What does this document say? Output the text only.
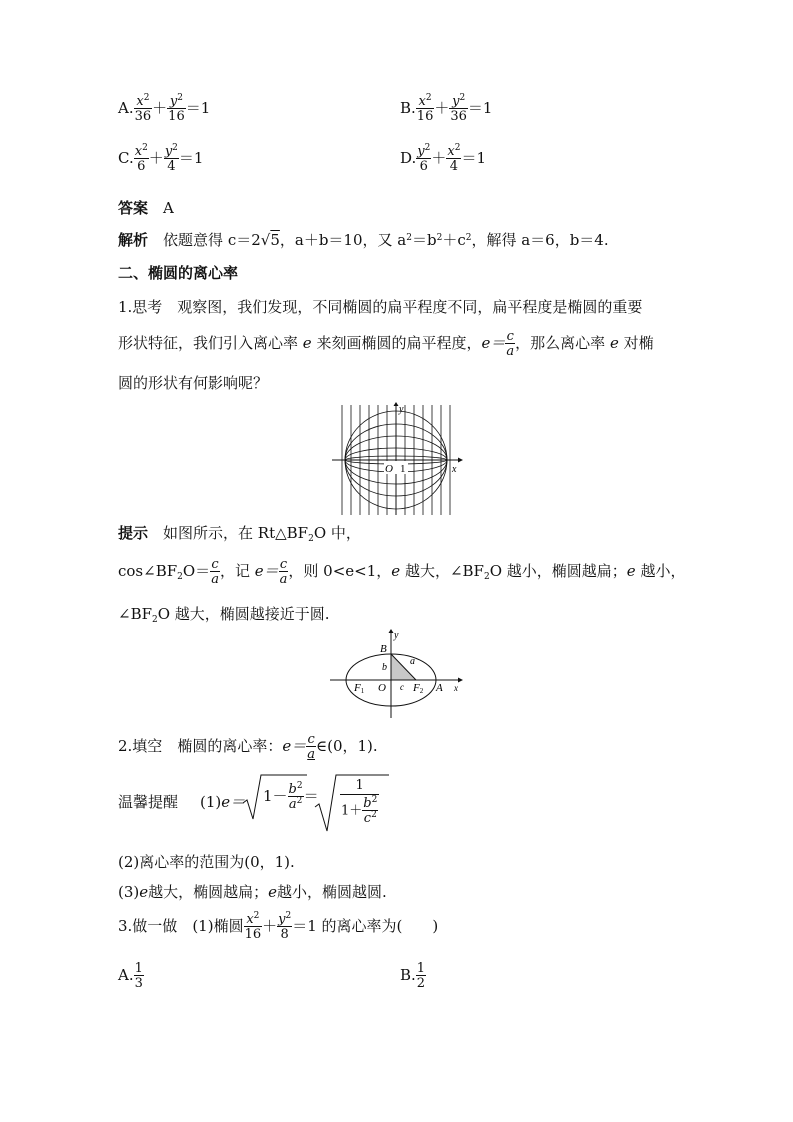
A. $\frac{x^2}{36} + \frac{y^2}{16} =1$	B. $\frac{x^2}{16} + \frac{y^2}{36} =1$
C. $\frac{x^2}{6} + \frac{y^2}{4} =1$	D. $\frac{y^2}{6} + \frac{x^2}{4} =1$
答案　 A
解析　 依题意得 c＝2√5，a＋b＝10，又 $a^2=b^2+c^2$，解得 a＝6，b＝4.
二、椭圆的离心率
1.思考　观察图，我们发现，不同椭圆的扁平程度不同，扁平程度是椭圆的重要
形状特征，我们引入离心率 e 来刻画椭圆的扁平程度，$e= \frac{c}{a}$ ，那么离心率 e 对椭
圆的形状有何影响呢？
O 1	x
y
提示　 如图所示，在 $Rt\triangle BF_2O$ 中，
$\cos\angle BF_2O= \frac{c}{a}$ ，记 $e= \frac{c}{a}$ ，则 0<e<1，e 越大，$\angle BF_2O$ 越小，椭圆越扁；e 越小，
$\angle BF_2O$ 越大，椭圆越接近于圆.
B
y
b
a
F1 O c F2 A x
2.填空　 椭圆的离心率：$e= \frac{c}{a}$ ∈(0，1).
温馨提醒 $(1)e= 1- \frac{b^2}{a^2} = \frac{1}{1+ \frac{b^2}{c^2}}$
(2)离心率的范围为(0，1).
(3)e越大，椭圆越扁；e越小，椭圆越圆.
3.做一做　 (1)椭圆 $\frac{x^2}{16} + \frac{y^2}{8} =1$ 的离心率为(　　)
A. $\frac{1}{3}$	B. $\frac{1}{2}$
